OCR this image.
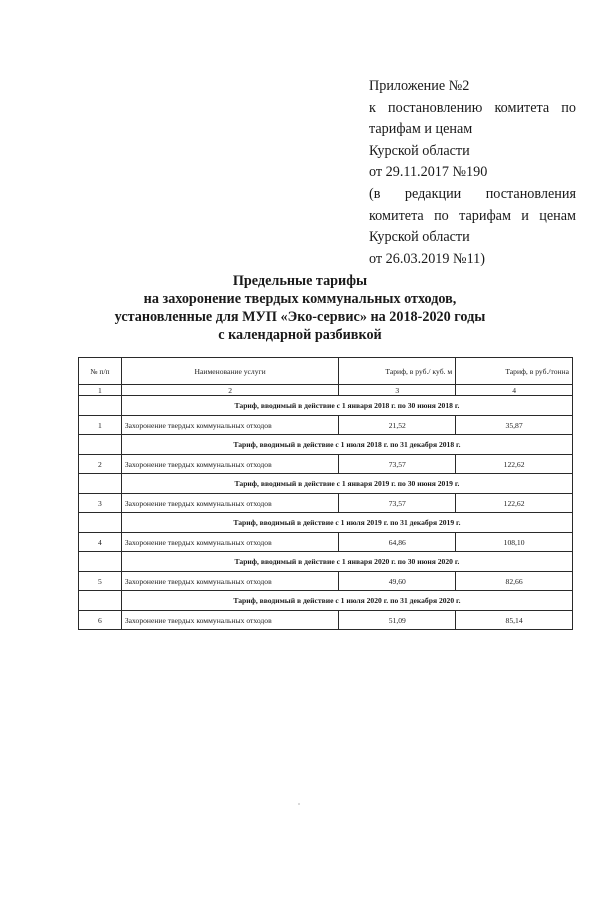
Приложение №2
к постановлению комитета по
тарифам и ценам
Курской области
от 29.11.2017 №190
(в редакции постановления
комитета по тарифам и ценам
Курской области
от 26.03.2019 №11)
Предельные тарифы
на захоронение твердых коммунальных отходов,
установленные для МУП «Эко-сервис» на 2018-2020 годы
с календарной разбивкой
№ п/п	Наименование услуги	Тариф, в руб./ куб. м	Тариф, в руб./тонна
1	2	3	4
	Тариф, вводимый в действие с 1 января 2018 г. по 30 июня 2018 г.		
1	Захоронение твердых коммунальных отходов	21,52	35,87
	Тариф, вводимый в действие с 1 июля 2018 г. по 31 декабря 2018 г.		
2	Захоронение твердых коммунальных отходов	73,57	122,62
	Тариф, вводимый в действие с 1 января 2019 г. по 30 июня 2019 г.		
3	Захоронение твердых коммунальных отходов	73,57	122,62
	Тариф, вводимый в действие с 1 июля 2019 г. по 31 декабря 2019 г.		
4	Захоронение твердых коммунальных отходов	64,86	108,10
	Тариф, вводимый в действие с 1 января 2020 г. по 30 июня 2020 г.		
5	Захоронение твердых коммунальных отходов	49,60	82,66
	Тариф, вводимый в действие с 1 июля 2020 г. по 31 декабря 2020 г.		
6	Захоронение твердых коммунальных отходов	51,09	85,14
